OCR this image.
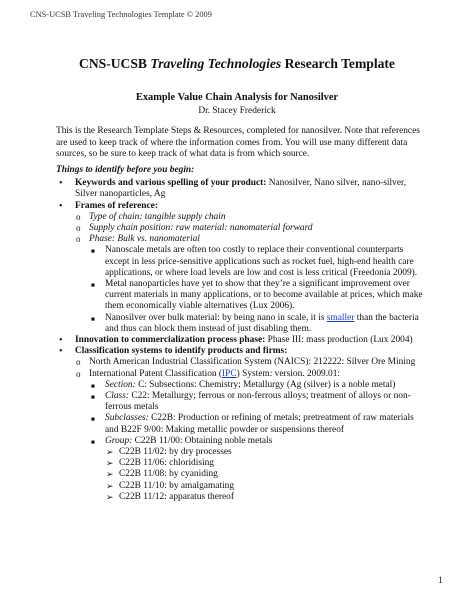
CNS-UCSB Traveling Technologies Template © 2009
CNS-UCSB Traveling Technologies Research Template
Example Value Chain Analysis for Nanosilver
Dr. Stacey Frederick
This is the Research Template Steps & Resources, completed for nanosilver. Note that references are used to keep track of where the information comes from. You will use many different data sources, so be sure to keep track of what data is from which source.
Things to identify before you begin:
• Keywords and various spelling of your product: Nanosilver, Nano silver, nano-silver, Silver nanoparticles, Ag
• Frames of reference:
o Type of chain: tangible supply chain
o Supply chain position: raw material: nanomaterial forward
o Phase: Bulk vs. nanomaterial
■ Nanoscale metals are often too costly to replace their conventional counterparts except in less price-sensitive applications such as rocket fuel, high-end health care applications, or where load levels are low and cost is less critical (Freedonia 2009).
■ Metal nanoparticles have yet to show that they’re a significant improvement over current materials in many applications, or to become available at prices, which make them economically viable alternatives (Lux 2006).
■ Nanosilver over bulk material: by being nano in scale, it is smaller than the bacteria and thus can block them instead of just disabling them.
• Innovation to commercialization process phase: Phase III: mass production (Lux 2004)
• Classification systems to identify products and firms:
o North American Industrial Classification System (NAICS): 212222: Silver Ore Mining
o International Patent Classification (IPC) System: version. 2009.01:
■ Section: C: Subsections: Chemistry; Metallurgy (Ag (silver) is a noble metal)
■ Class: C22: Metallurgy; ferrous or non-ferrous alloys; treatment of alloys or non-ferrous metals
■ Subclasses: C22B: Production or refining of metals; pretreatment of raw materials and B22F 9/00: Making metallic powder or suspensions thereof
■ Group: C22B 11/00: Obtaining noble metals
➢ C22B 11/02: by dry processes
➢ C22B 11/06: chloridising
➢ C22B 11/08: by cyaniding
➢ C22B 11/10: by amalgamating
➢ C22B 11/12: apparatus thereof
1
